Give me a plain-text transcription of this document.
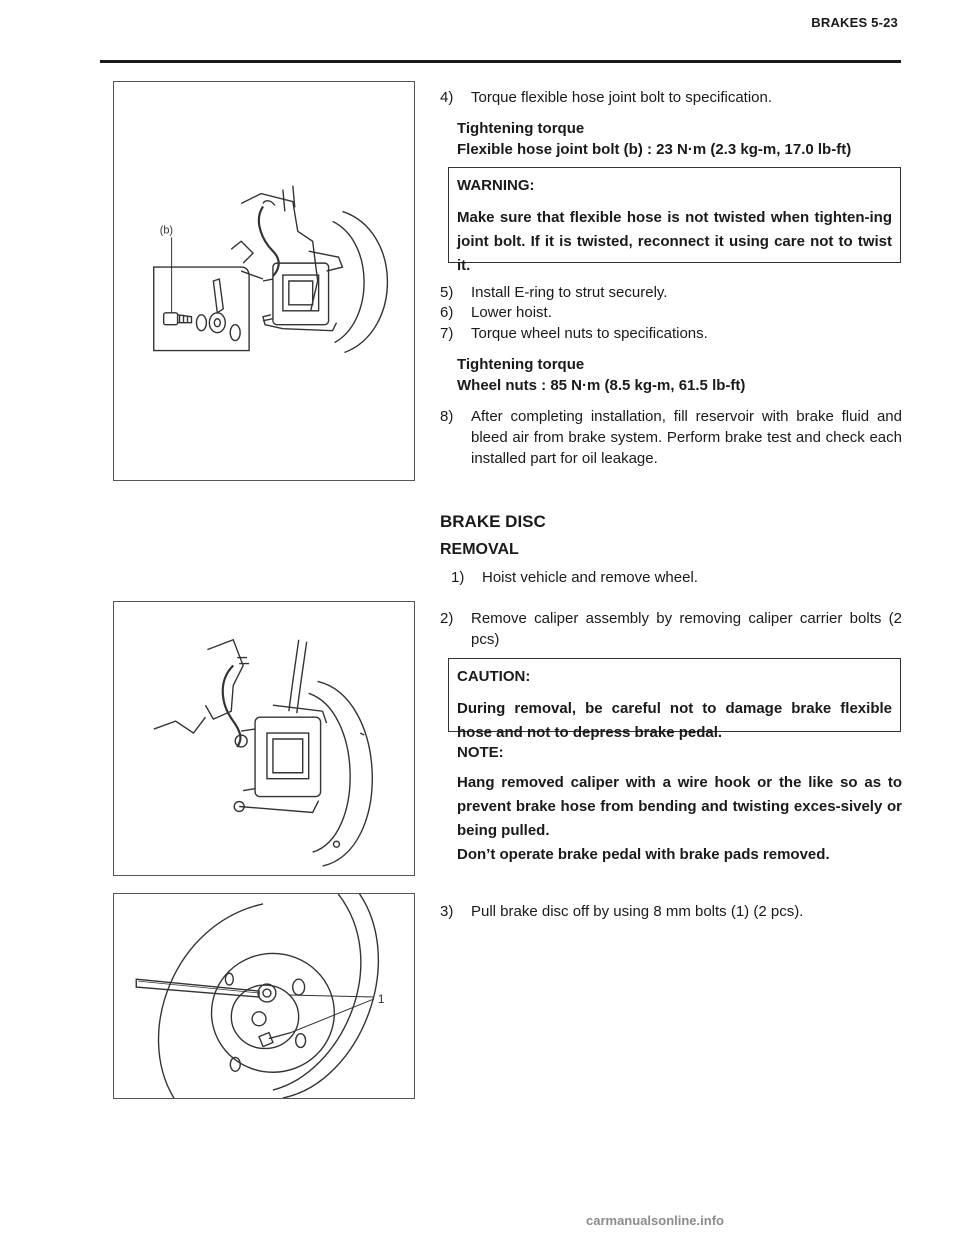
BRAKES 5-23
(b)
1
4) Torque flexible hose joint bolt to specification.
Tightening torque
Flexible hose joint bolt (b) : 23 N·m (2.3 kg-m, 17.0 lb-ft)
WARNING:
Make sure that flexible hose is not twisted when tighten-ing joint bolt. If it is twisted, reconnect it using care not to twist it.
5) Install E-ring to strut securely.
6) Lower hoist.
7) Torque wheel nuts to specifications.
Tightening torque
Wheel nuts : 85 N·m (8.5 kg-m, 61.5 lb-ft)
8) After completing installation, fill reservoir with brake fluid and bleed air from brake system. Perform brake test and check each installed part for oil leakage.
BRAKE DISC
REMOVAL
1) Hoist vehicle and remove wheel.
2) Remove caliper assembly by removing caliper carrier bolts (2 pcs)
CAUTION:
During removal, be careful not to damage brake flexible hose and not to depress brake pedal.
NOTE:
Hang removed caliper with a wire hook or the like so as to prevent brake hose from bending and twisting exces-sively or being pulled.
Don’t operate brake pedal with brake pads removed.
3) Pull brake disc off by using 8 mm bolts (1) (2 pcs).
carmanualsonline.info
